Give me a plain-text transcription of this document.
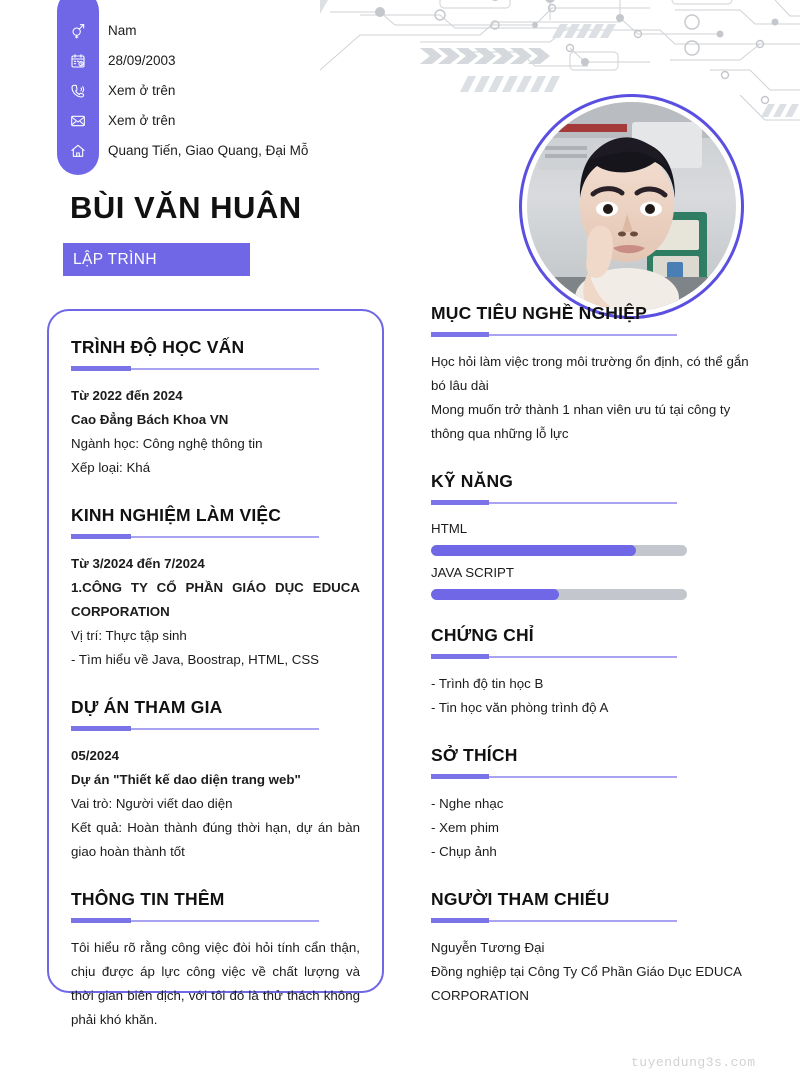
Nam
28/09/2003
Xem ở trên
Xem ở trên
Quang Tiến, Giao Quang, Đại Mỗ
BÙI VĂN HUÂN
LẬP TRÌNH
TRÌNH ĐỘ HỌC VẤN
Từ 2022 đến 2024
Cao Đẳng Bách Khoa VN
Ngành học: Công nghệ thông tin
Xếp loại: Khá
KINH NGHIỆM LÀM VIỆC
Từ 3/2024 đến 7/2024
1.CÔNG TY CỔ PHẦN GIÁO DỤC EDUCA CORPORATION
Vị trí: Thực tập sinh
- Tìm hiểu về Java, Boostrap, HTML, CSS
DỰ ÁN THAM GIA
05/2024
Dự án "Thiết kế dao diện trang web"
Vai trò: Người viết dao diện
Kết quả: Hoàn thành đúng thời hạn, dự án bàn giao hoàn thành tốt
THÔNG TIN THÊM
Tôi hiểu rõ rằng công việc đòi hỏi tính cẩn thận, chịu được áp lực công việc về chất lượng và thời gian biên dịch, với tôi đó là thử thách không phải khó khăn.
MỤC TIÊU NGHỀ NGHIỆP
Học hỏi làm việc trong môi trường ổn định, có thể gắn bó lâu dài
Mong muốn trở thành 1 nhan viên ưu tú tại công ty thông qua những lỗ lực
KỸ NĂNG
HTML
JAVA SCRIPT
CHỨNG CHỈ
- Trình độ tin học B
- Tin học văn phòng trình độ A
SỞ THÍCH
- Nghe nhạc
- Xem phim
- Chụp ảnh
NGƯỜI THAM CHIẾU
Nguyễn Tương Đại
Đồng nghiệp tại Công Ty Cổ Phần Giáo Dục EDUCA CORPORATION
tuyendung3s.com
